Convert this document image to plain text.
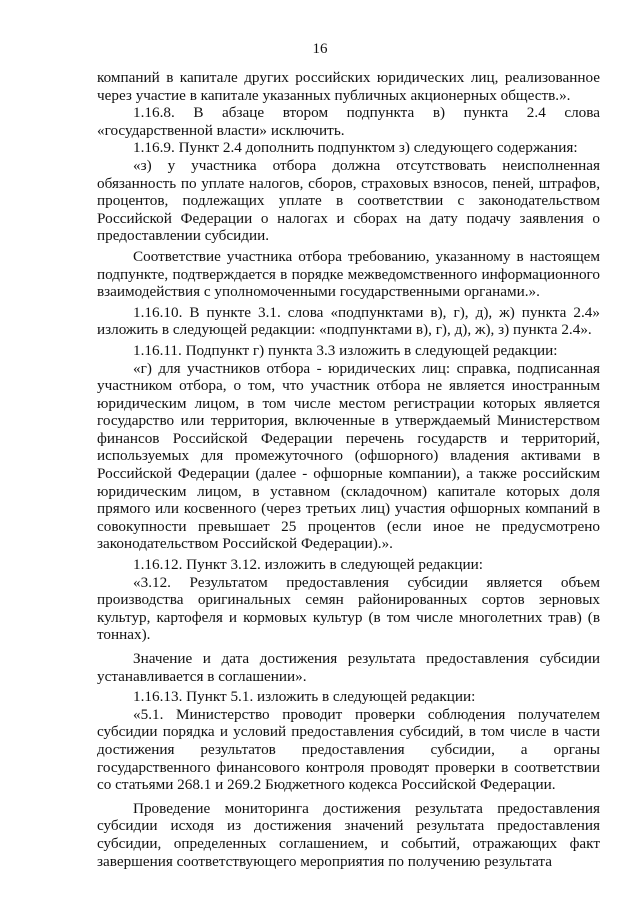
16

компаний в капитале других российских юридических лиц, реализованное через участие в капитале указанных публичных акционерных обществ.».

1.16.8. В абзаце втором подпункта в) пункта 2.4 слова «государственной власти» исключить.

1.16.9. Пункт 2.4 дополнить подпунктом з) следующего содержания:

«з) у участника отбора должна отсутствовать неисполненная обязанность по уплате налогов, сборов, страховых взносов, пеней, штрафов, процентов, подлежащих уплате в соответствии с законодательством Российской Федерации о налогах и сборах на дату подачу заявления о предоставлении субсидии.

Соответствие участника отбора требованию, указанному в настоящем подпункте, подтверждается в порядке межведомственного информационного взаимодействия с уполномоченными государственными органами.».

1.16.10. В пункте 3.1. слова «подпунктами в), г), д), ж) пункта 2.4» изложить в следующей редакции: «подпунктами в), г), д), ж), з) пункта 2.4».

1.16.11. Подпункт г) пункта 3.3 изложить в следующей редакции:

«г) для участников отбора - юридических лиц: справка, подписанная участником отбора, о том, что участник отбора не является иностранным юридическим лицом, в том числе местом регистрации которых является государство или территория, включенные в утверждаемый Министерством финансов Российской Федерации перечень государств и территорий, используемых для промежуточного (офшорного) владения активами в Российской Федерации (далее - офшорные компании), а также российским юридическим лицом, в уставном (складочном) капитале которых доля прямого или косвенного (через третьих лиц) участия офшорных компаний в совокупности превышает 25 процентов (если иное не предусмотрено законодательством Российской Федерации).».

1.16.12. Пункт 3.12. изложить в следующей редакции:

«3.12. Результатом предоставления субсидии является объем производства оригинальных семян районированных сортов зерновых культур, картофеля и кормовых культур (в том числе многолетних трав) (в тоннах).

Значение и дата достижения результата предоставления субсидии устанавливается в соглашении».

1.16.13. Пункт 5.1. изложить в следующей редакции:

«5.1. Министерство проводит проверки соблюдения получателем субсидии порядка и условий предоставления субсидий, в том числе в части достижения результатов предоставления субсидии, а органы государственного финансового контроля проводят проверки в соответствии со статьями 268.1 и 269.2 Бюджетного кодекса Российской Федерации.

Проведение мониторинга достижения результата предоставления субсидии исходя из достижения значений результата предоставления субсидии, определенных соглашением, и событий, отражающих факт завершения соответствующего мероприятия по получению результата
